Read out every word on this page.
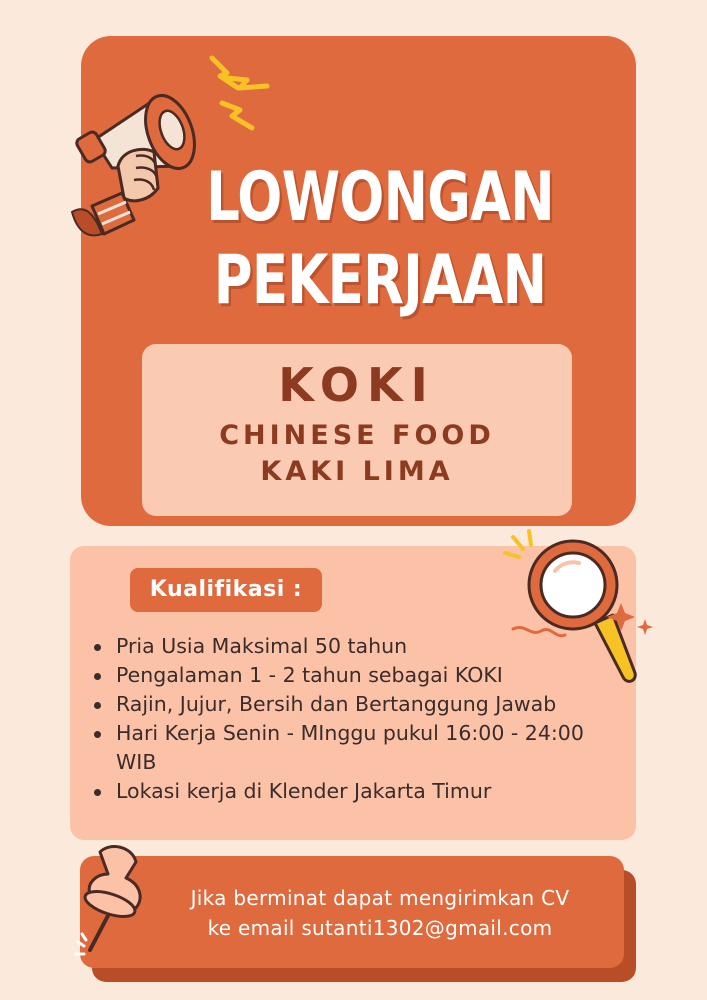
LOWONGAN
PEKERJAAN
KOKI
CHINESE FOOD
KAKI LIMA
Kualifikasi :
Pria Usia Maksimal 50 tahun
Pengalaman 1 - 2 tahun sebagai KOKI
Rajin, Jujur, Bersih dan Bertanggung Jawab
Hari Kerja Senin - MInggu pukul 16:00 - 24:00 WIB
Lokasi kerja di Klender Jakarta Timur
Jika berminat dapat mengirimkan CV
ke email sutanti1302@gmail.com
